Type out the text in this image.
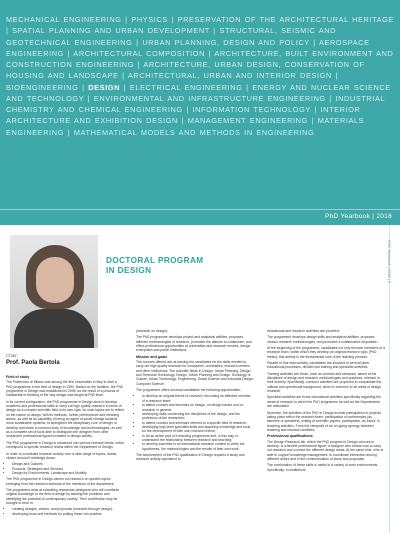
MECHANICAL ENGINEERING | PHYSICS | PRESERVATION OF THE ARCHITECTURAL HERITAGE | SPATIAL PLANNING AND URBAN DEVELOPMENT | STRUCTURAL, SEISMIC AND GEOTECHNICAL ENGINEERING | URBAN PLANNING, DESIGN AND POLICY | AEROSPACE ENGINEERING | ARCHITECTURAL COMPOSITION | ARCHITECTURE, BUILT ENVIRONMENT AND CONSTRUCTION ENGINEERING | ARCHITECTURE, URBAN DESIGN, CONSERVATION OF HOUSING AND LANDSCAPE | ARCHITECTURAL, URBAN AND INTERIOR DESIGN | BIOENGINEERING | DESIGN | ELECTRICAL ENGINEERING | ENERGY AND NUCLEAR SCIENCE AND TECHNOLOGY | ENVIRONMENTAL AND INFRASTRUCTURE ENGINEERING | INDUSTRIAL CHEMISTRY AND CHEMICAL ENGINEERING | INFORMATION TECHNOLOGY | INTERIOR ARCHITECTURE AND EXHIBITION DESIGN | MANAGEMENT ENGINEERING | MATERIALS ENGINEERING | MATHEMATICAL MODELS AND METHODS IN ENGINEERING

PhD Yearbook | 2018
DOCTORAL PROGRAM
IN DESIGN
Chair:
Prof. Paola Bertola
Field of study

The Politecnico di Milano was among the first universities in Italy to start a PhD programme in the field of design in 1990. Based on the tradition, the PhD programme in Design was established in 2008, as the result of a process of substantial re-thinking of the way design was taught at PhD level.

In its current configuration, the PhD programme in Design aims to develop academic and professional skills to carry out high quality research in terms of design as a complex scientific field in its own right. Its main topics are to reflect on the nature of design, with its methods, further performance and meaning issues, as well as its capability of being an agent of social change towards more sustainable systems; to strengthen the disciplinary core of design; to develop and share a common body of knowledge and methodologies, as well as a complete set of tools able to distinguish the designer from other researcher professional figures invested in design activity.

The PhD programme in Design is structured into various research fields, which correspond to specific research teams within the Department of Design.

In order to coordinate research activity over a wide range of topics, teams cluster around Knowledge Areas:

• Design and Cultures
• Products, Strategies and Services
• Design for Environments, Landscape and Mobility

The PhD programme in Design carries out research on specific topics emerging from the research interests of the members of the department.

The programme aims at educating researcher-designers who will contribute original knowledge to the field of design by tackling the problems and identifying the potential of contemporary society. Their contribution may be brought to bear in:

• creating designs, visions, and proposals (research through design);
• developing tools and methods for putting these into practice

(research on design).

The PhD programme develops project and analytical abilities, proposes different methodologies of research, promotes the attitude to collaborate, and offers professional opportunities at universities and research centres, design enterprises and public institutions.

Mission and goals

The courses offered aim at training the candidates for the skills needed to carry out high quality research for companies, universities, research centres and other institutions. The scientific fields in Design: Urban Planning, Design and Territorial Technology, Design, Urban Planning and Design, Sociology of Culture, Urban Technology, Engineering, Social Science and Industrial Design; Computer Science.

The programme offers doctoral candidates the following opportunities:

• to develop an original theme of research, becoming an effective member of a research team;
• to attend courses and seminars on design, on design issues and on research in general;
• developing skills concerning the disciplines of the design, and the profession of the researcher;
• to attend courses and seminars referred to a specific field of research;
• developing high-level specialist skills and acquiring knowledge and tools for the development of their own research theme;
• to do an active part of a teaching programme and, in this way, to understand the relationship between research and teaching;
• to develop expertise in an international research context to verify the hypotheses, the methodologies and the results of their own work.

The achievement of the PhD qualification in Design requires a study and research activity equivalent to

educational and research activities are provided.

The programme develops design skills and analytical abilities, proposes various research methodologies, and promotes a collaborative disposition.

At the beginning of the programme, candidates not only become members of a research team, within which they develop an original research topic (PhD thesis); this activity is the fundamental core of the learning process.

Parallel to this main activity, candidates are involved in several other educational processes, divided into training and specialist activities.

Training activities are those, such as courses and seminars, aimed at the disciplines of design and research methodologies and practices, relevant in their entirety. Specifically, common activities are proposed to consolidate the cultural and operational background, which is common to all areas of design research.

Specialist activities are those educational activities specifically regarding the areas of research in which the PhD programme as well as the Departments are articulated.

Moreover, the activities of the PhD in Design include participation in projects taking place within the research team; participation in conferences (as listeners or speakers); writing of scientific papers; participation, as tutors, in teaching activities. From the viewpoint of an on-going synergy between teaching and research activities.

Professional qualifications

The Design Research lab, which the PhD program in Design concurs to develop, is a flexible professional figure: a designer who knows how to carry out research and connect the different design areas. At the same time, s/he is able to support knowledge management, to coordinate interaction among different actors and in the communication of ideas and proposals.

The combination of these skills is useful in a variety of work environments. Specifically: in institutions

PhD Yearbook | 2018 | 9
